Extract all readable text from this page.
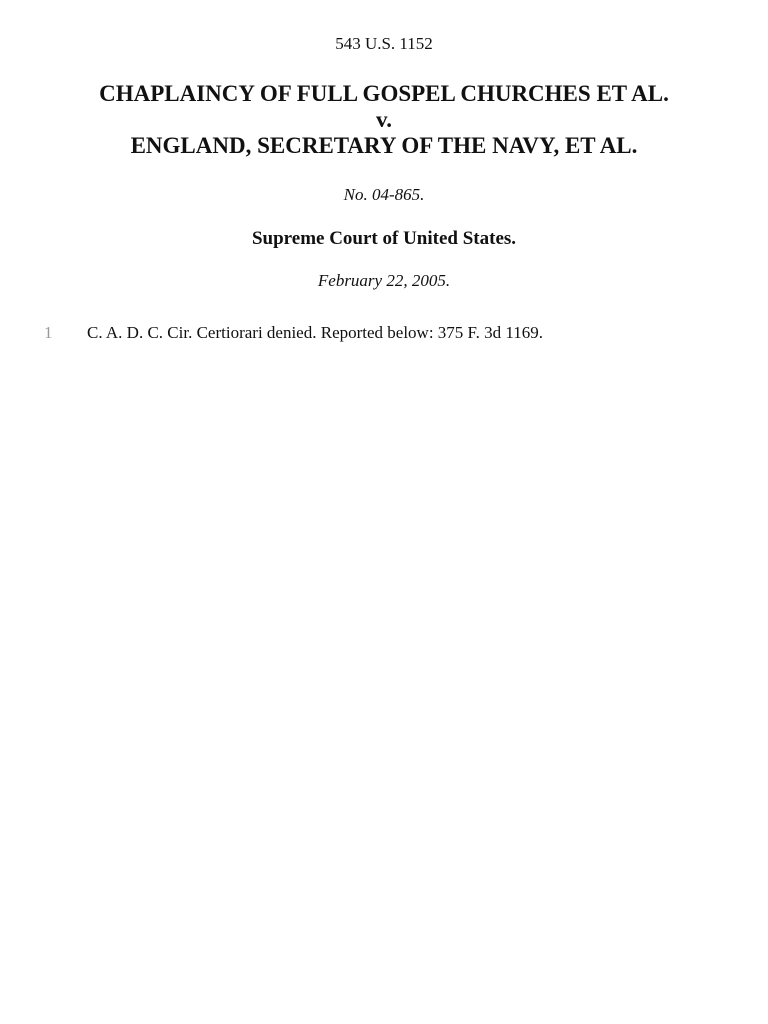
543 U.S. 1152
CHAPLAINCY OF FULL GOSPEL CHURCHES ET AL.
v.
ENGLAND, SECRETARY OF THE NAVY, ET AL.
No. 04-865.
Supreme Court of United States.
February 22, 2005.
1 C. A. D. C. Cir. Certiorari denied. Reported below: 375 F. 3d 1169.
